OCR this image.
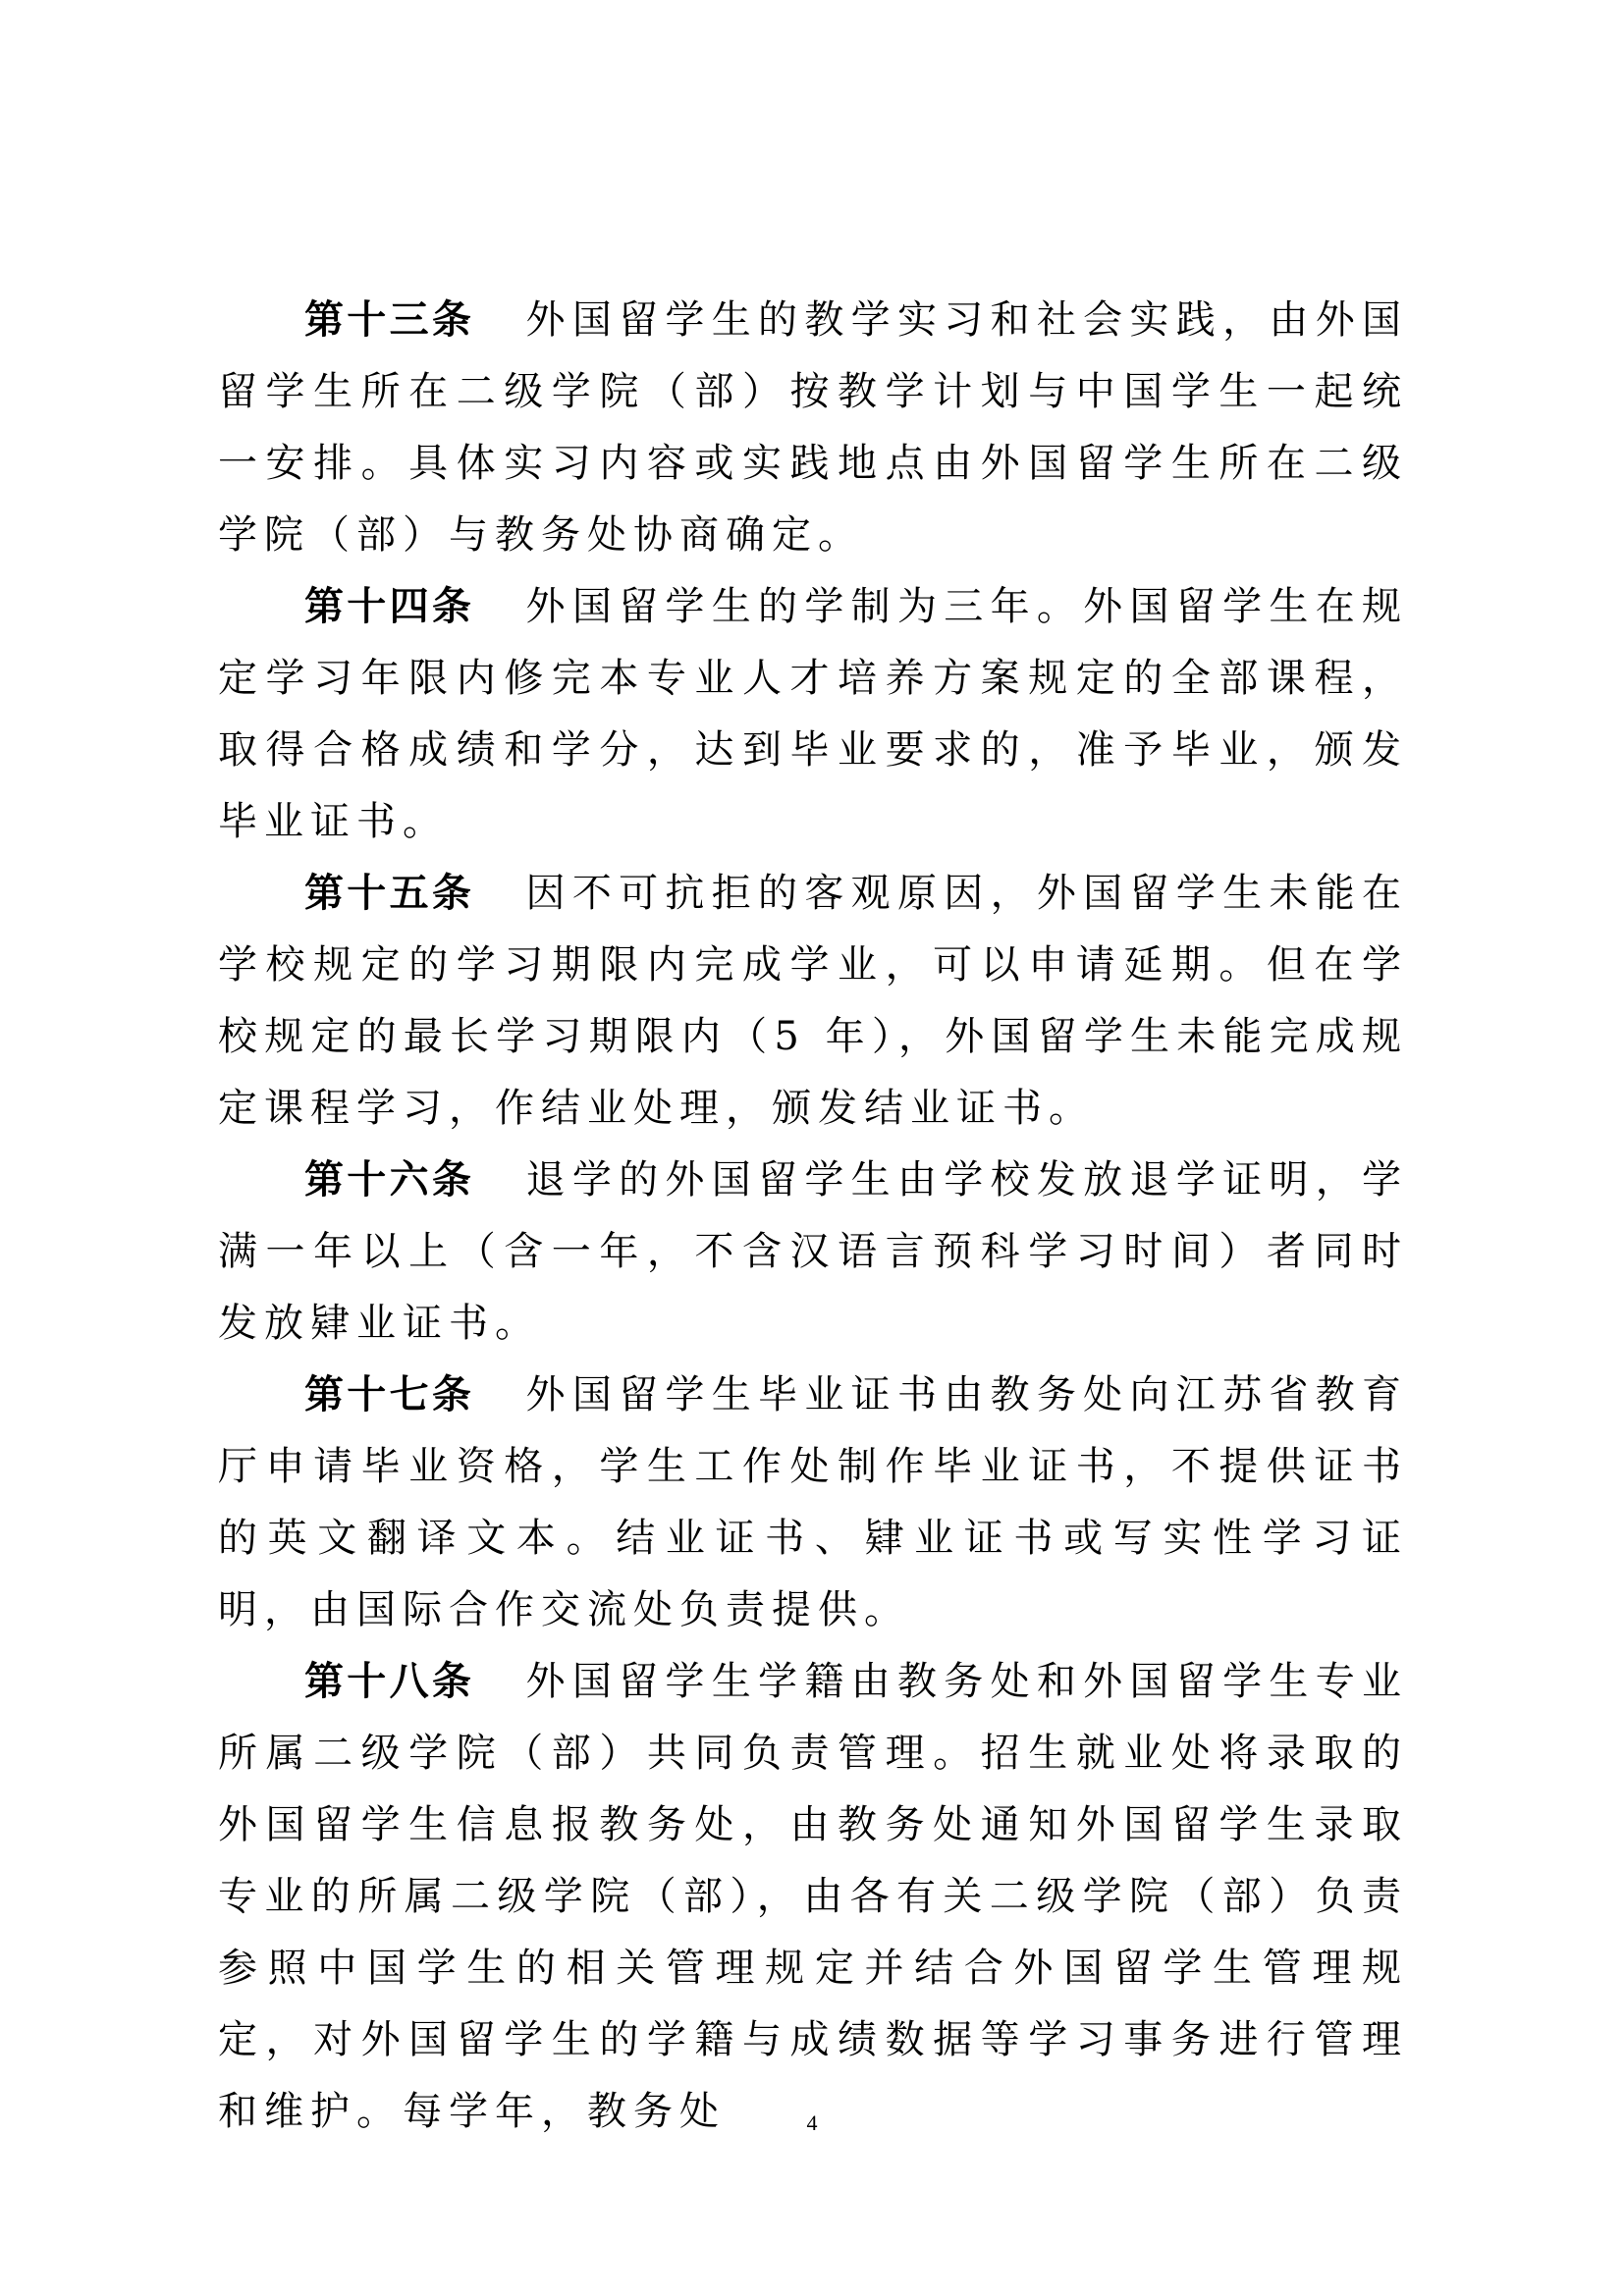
第十三条 外国留学生的教学实习和社会实践，由外国留学生所在二级学院（部）按教学计划与中国学生一起统一安排。具体实习内容或实践地点由外国留学生所在二级学院（部）与教务处协商确定。

第十四条 外国留学生的学制为三年。外国留学生在规定学习年限内修完本专业人才培养方案规定的全部课程，取得合格成绩和学分，达到毕业要求的，准予毕业，颁发毕业证书。

第十五条 因不可抗拒的客观原因，外国留学生未能在学校规定的学习期限内完成学业，可以申请延期。但在学校规定的最长学习期限内（5 年），外国留学生未能完成规定课程学习，作结业处理，颁发结业证书。

第十六条 退学的外国留学生由学校发放退学证明，学满一年以上（含一年，不含汉语言预科学习时间）者同时发放肄业证书。

第十七条 外国留学生毕业证书由教务处向江苏省教育厅申请毕业资格，学生工作处制作毕业证书，不提供证书的英文翻译文本。结业证书、肄业证书或写实性学习证明，由国际合作交流处负责提供。

第十八条 外国留学生学籍由教务处和外国留学生专业所属二级学院（部）共同负责管理。招生就业处将录取的外国留学生信息报教务处，由教务处通知外国留学生录取专业的所属二级学院（部），由各有关二级学院（部）负责参照中国学生的相关管理规定并结合外国留学生管理规定，对外国留学生的学籍与成绩数据等学习事务进行管理和维护。每学年，教务处	4
